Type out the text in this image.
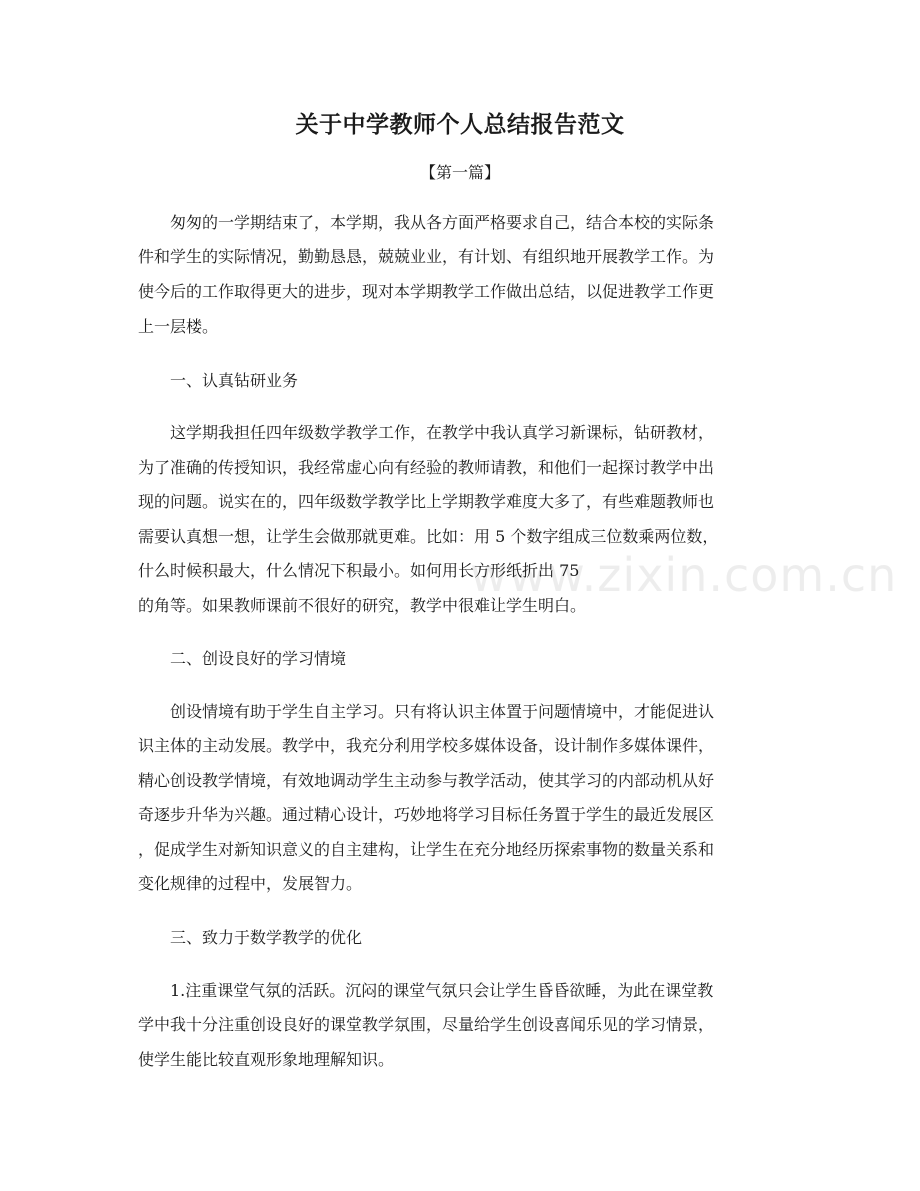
www.zixin.com.cn
关于中学教师个人总结报告范文
【第一篇】
　　匆匆的一学期结束了，本学期，我从各方面严格要求自己，结合本校的实际条
件和学生的实际情况，勤勤恳恳，兢兢业业，有计划、有组织地开展教学工作。为
使今后的工作取得更大的进步，现对本学期教学工作做出总结，以促进教学工作更
上一层楼。
　　一、认真钻研业务
　　这学期我担任四年级数学教学工作，在教学中我认真学习新课标，钻研教材，
为了准确的传授知识，我经常虚心向有经验的教师请教，和他们一起探讨教学中出
现的问题。说实在的，四年级数学教学比上学期教学难度大多了，有些难题教师也
需要认真想一想，让学生会做那就更难。比如：用 5 个数字组成三位数乘两位数，
什么时候积最大，什么情况下积最小。如何用长方形纸折出 75
的角等。如果教师课前不很好的研究，教学中很难让学生明白。
　　二、创设良好的学习情境
　　创设情境有助于学生自主学习。只有将认识主体置于问题情境中，才能促进认
识主体的主动发展。教学中，我充分利用学校多媒体设备，设计制作多媒体课件，
精心创设教学情境，有效地调动学生主动参与教学活动，使其学习的内部动机从好
奇逐步升华为兴趣。通过精心设计，巧妙地将学习目标任务置于学生的最近发展区
，促成学生对新知识意义的自主建构，让学生在充分地经历探索事物的数量关系和
变化规律的过程中，发展智力。
　　三、致力于数学教学的优化
　　1.注重课堂气氛的活跃。沉闷的课堂气氛只会让学生昏昏欲睡，为此在课堂教
学中我十分注重创设良好的课堂教学氛围，尽量给学生创设喜闻乐见的学习情景，
使学生能比较直观形象地理解知识。
